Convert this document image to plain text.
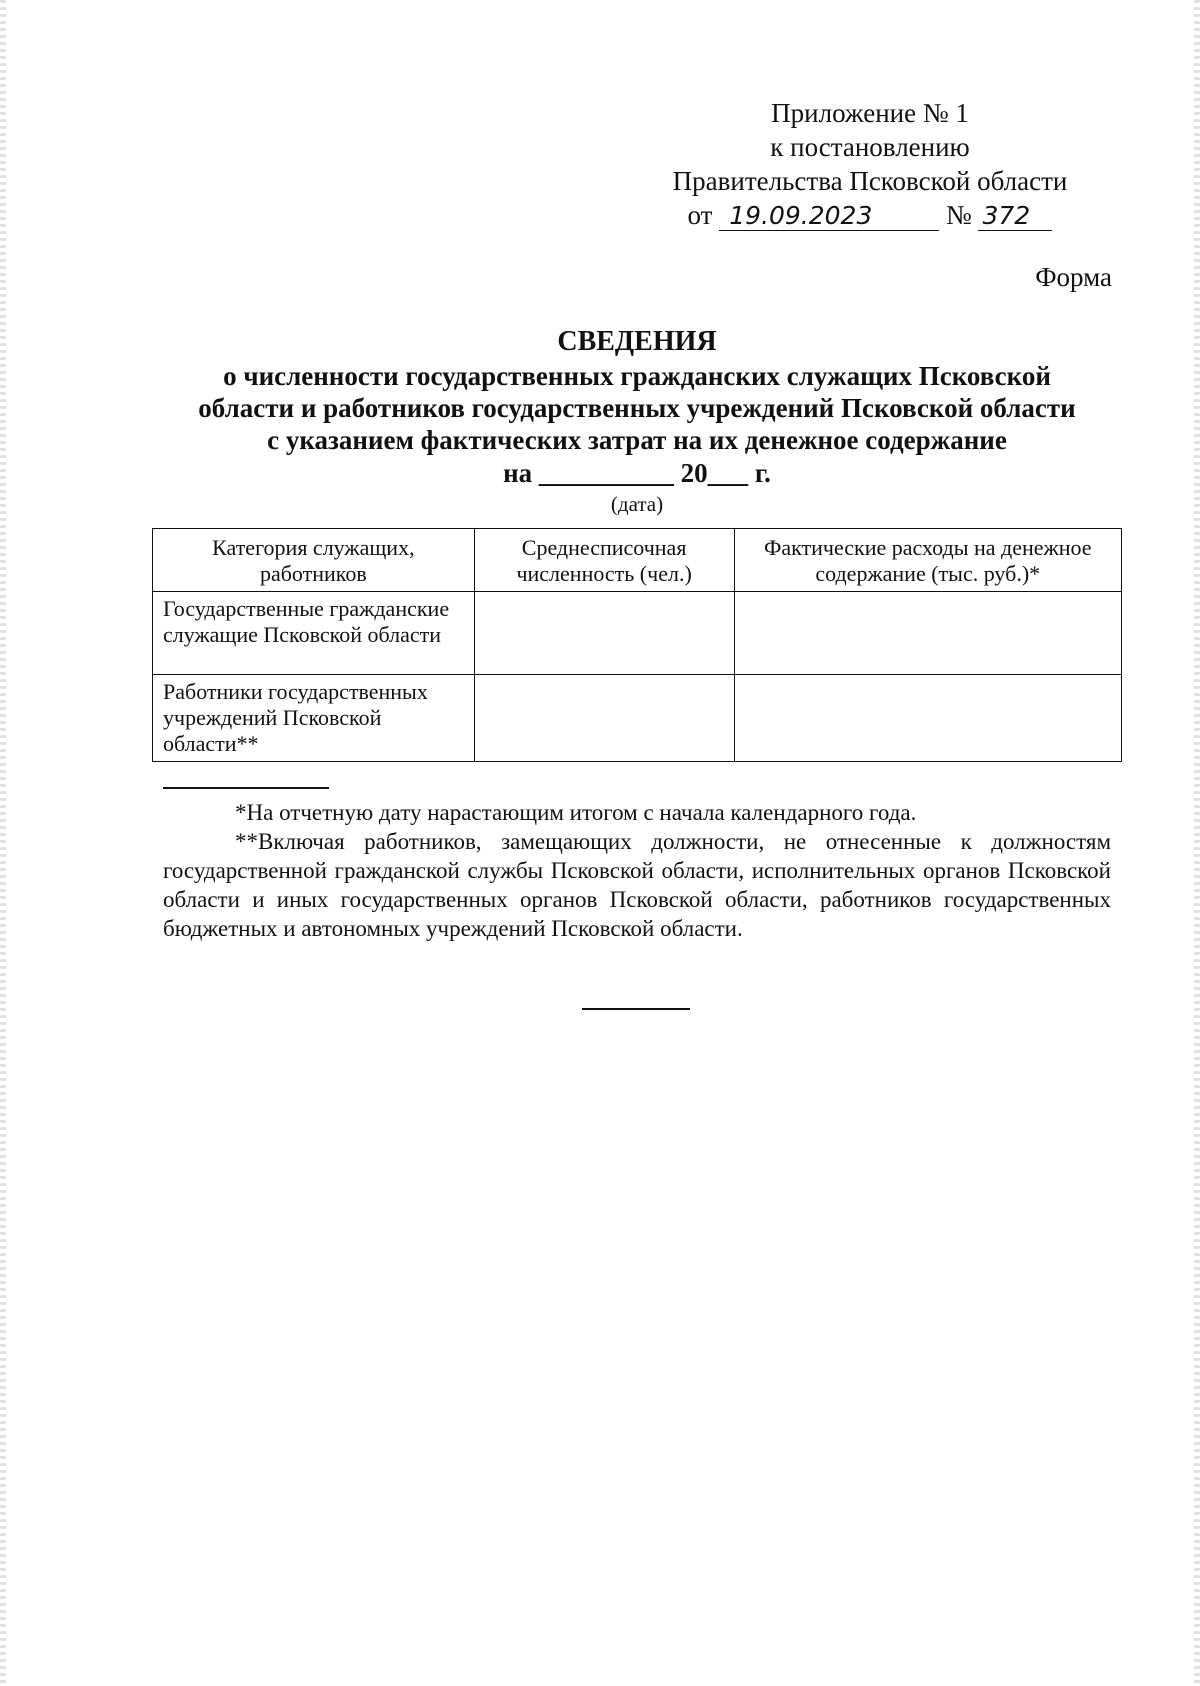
Приложение № 1
к постановлению
Правительства Псковской области
от 19.09.2023	№ 372
Форма
СВЕДЕНИЯ
о численности государственных гражданских служащих Псковской
области и работников государственных учреждений Псковской области
с указанием фактических затрат на их денежное содержание
на __________ 20___ г.
(дата)
Категория служащих, работников	Среднесписочная численность (чел.)	Фактические расходы на денежное содержание (тыс. руб.)*
Государственные гражданские служащие Псковской области		
Работники государственных учреждений Псковской области**		

*На отчетную дату нарастающим итогом с начала календарного года.

**Включая работников, замещающих должности, не отнесенные к должностям государственной гражданской службы Псковской области, исполнительных органов Псковской области и иных государственных органов Псковской области, работников государственных бюджетных и автономных учреждений Псковской области.
